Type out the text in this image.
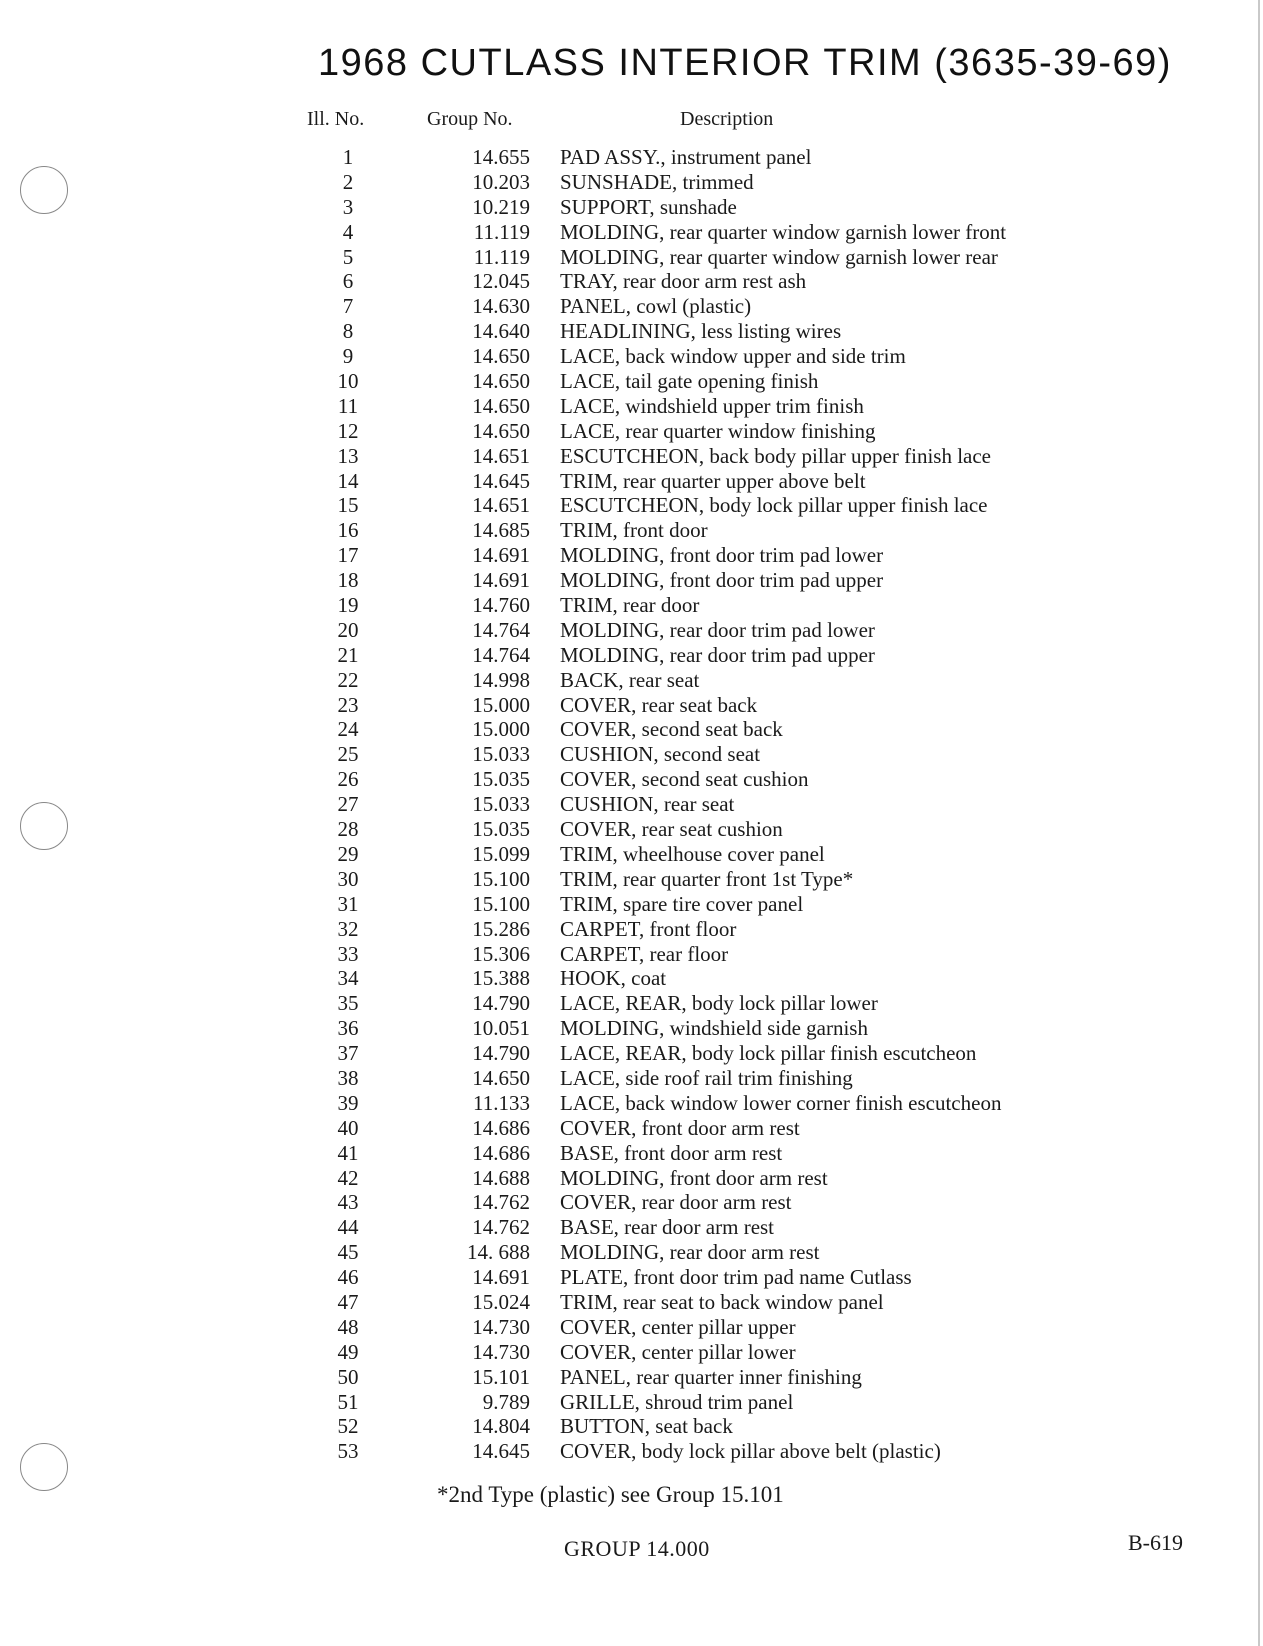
1968 CUTLASS INTERIOR TRIM (3635-39-69)
Ill. No.	Group No.	Description
1	14.655 PAD ASSY., instrument panel
2	10.203 SUNSHADE, trimmed
3	10.219 SUPPORT, sunshade
4	11.119 MOLDING, rear quarter window garnish lower front
5	11.119 MOLDING, rear quarter window garnish lower rear
6	12.045 TRAY, rear door arm rest ash
7	14.630 PANEL, cowl (plastic)
8	14.640 HEADLINING, less listing wires
9	14.650 LACE, back window upper and side trim
10	14.650 LACE, tail gate opening finish
11	14.650 LACE, windshield upper trim finish
12	14.650 LACE, rear quarter window finishing
13	14.651 ESCUTCHEON, back body pillar upper finish lace
14	14.645 TRIM, rear quarter upper above belt
15	14.651 ESCUTCHEON, body lock pillar upper finish lace
16	14.685 TRIM, front door
17	14.691 MOLDING, front door trim pad lower
18	14.691 MOLDING, front door trim pad upper
19	14.760 TRIM, rear door
20	14.764 MOLDING, rear door trim pad lower
21	14.764 MOLDING, rear door trim pad upper
22	14.998 BACK, rear seat
23	15.000 COVER, rear seat back
24	15.000 COVER, second seat back
25	15.033 CUSHION, second seat
26	15.035 COVER, second seat cushion
27	15.033 CUSHION, rear seat
28	15.035 COVER, rear seat cushion
29	15.099 TRIM, wheelhouse cover panel
30	15.100 TRIM, rear quarter front 1st Type*
31	15.100 TRIM, spare tire cover panel
32	15.286 CARPET, front floor
33	15.306 CARPET, rear floor
34	15.388 HOOK, coat
35	14.790 LACE, REAR, body lock pillar lower
36	10.051 MOLDING, windshield side garnish
37	14.790 LACE, REAR, body lock pillar finish escutcheon
38	14.650 LACE, side roof rail trim finishing
39	11.133 LACE, back window lower corner finish escutcheon
40	14.686 COVER, front door arm rest
41	14.686 BASE, front door arm rest
42	14.688 MOLDING, front door arm rest
43	14.762 COVER, rear door arm rest
44	14.762 BASE, rear door arm rest
45	14. 688 MOLDING, rear door arm rest
46	14.691 PLATE, front door trim pad name Cutlass
47	15.024 TRIM, rear seat to back window panel
48	14.730 COVER, center pillar upper
49	14.730 COVER, center pillar lower
50	15.101 PANEL, rear quarter inner finishing
51	9.789 GRILLE, shroud trim panel
52	14.804 BUTTON, seat back
53	14.645 COVER, body lock pillar above belt (plastic)
*2nd Type (plastic) see Group 15.101
GROUP 14.000	B-619
